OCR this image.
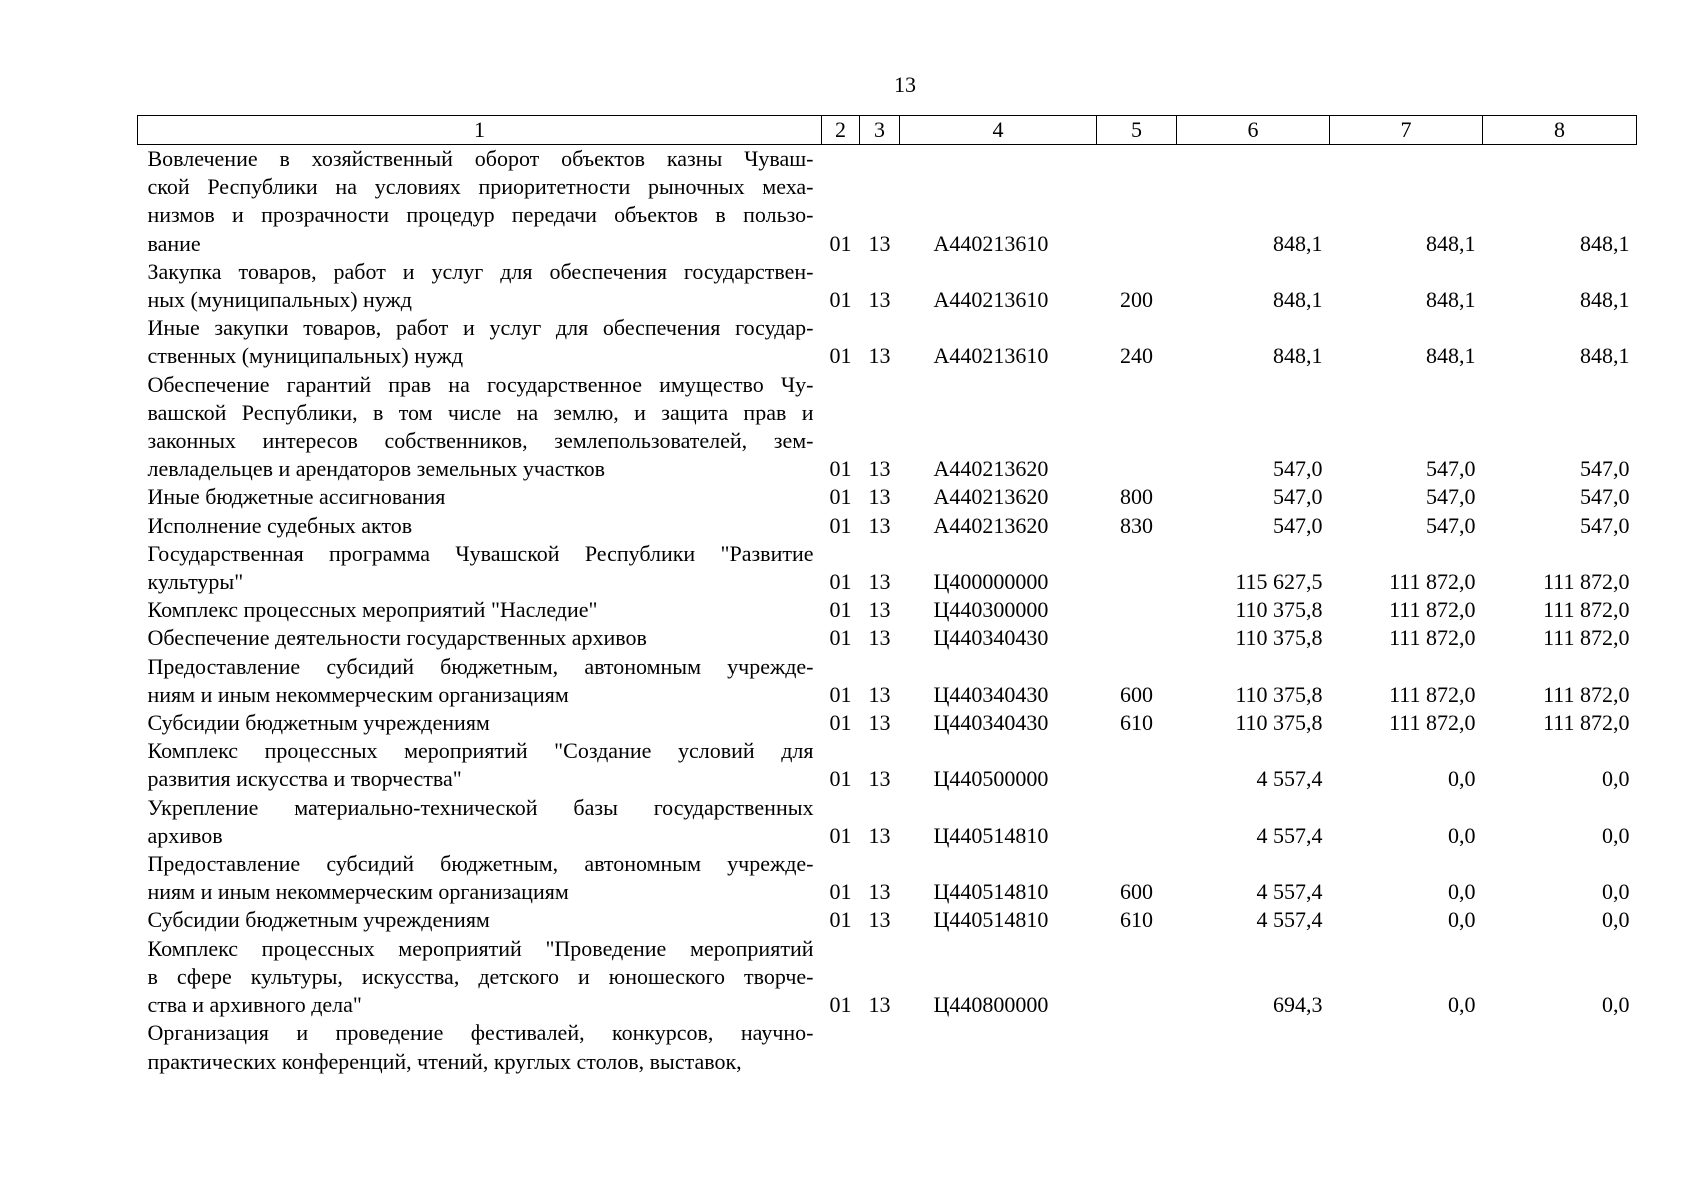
13
1	2	3	4	5	6	7	8

Вовлечение в хозяйственный оборот объектов казны Чуваш-
ской Республики на условиях приоритетности рыночных меха-
низмов и прозрачности процедур передачи объектов в пользо-
вание	01	13	А440213610		848,1	848,1	848,1

Закупка товаров, работ и услуг для обеспечения государствен-
ных (муниципальных) нужд	01	13	А440213610	200	848,1	848,1	848,1

Иные закупки товаров, работ и услуг для обеспечения государ-
ственных (муниципальных) нужд	01	13	А440213610	240	848,1	848,1	848,1

Обеспечение гарантий прав на государственное имущество Чу-
вашской Республики, в том числе на землю, и защита прав и
законных интересов собственников, землепользователей, зем-
левладельцев и арендаторов земельных участков	01	13	А440213620		547,0	547,0	547,0

Иные бюджетные ассигнования	01	13	А440213620	800	547,0	547,0	547,0

Исполнение судебных актов	01	13	А440213620	830	547,0	547,0	547,0

Государственная программа Чувашской Республики "Развитие
культуры"	01	13	Ц400000000		115 627,5	111 872,0	111 872,0

Комплекс процессных мероприятий "Наследие"	01	13	Ц440300000		110 375,8	111 872,0	111 872,0

Обеспечение деятельности государственных архивов	01	13	Ц440340430		110 375,8	111 872,0	111 872,0

Предоставление субсидий бюджетным, автономным учрежде-
ниям и иным некоммерческим организациям	01	13	Ц440340430	600	110 375,8	111 872,0	111 872,0

Субсидии бюджетным учреждениям	01	13	Ц440340430	610	110 375,8	111 872,0	111 872,0

Комплекс процессных мероприятий "Создание условий для
развития искусства и творчества"	01	13	Ц440500000		4 557,4	0,0	0,0

Укрепление материально-технической базы государственных
архивов	01	13	Ц440514810		4 557,4	0,0	0,0

Предоставление субсидий бюджетным, автономным учрежде-
ниям и иным некоммерческим организациям	01	13	Ц440514810	600	4 557,4	0,0	0,0

Субсидии бюджетным учреждениям	01	13	Ц440514810	610	4 557,4	0,0	0,0

Комплекс процессных мероприятий "Проведение мероприятий
в сфере культуры, искусства, детского и юношеского творче-
ства и архивного дела"	01	13	Ц440800000		694,3	0,0	0,0

Организация и проведение фестивалей, конкурсов, научно-
практических конференций, чтений, круглых столов, выставок,							
